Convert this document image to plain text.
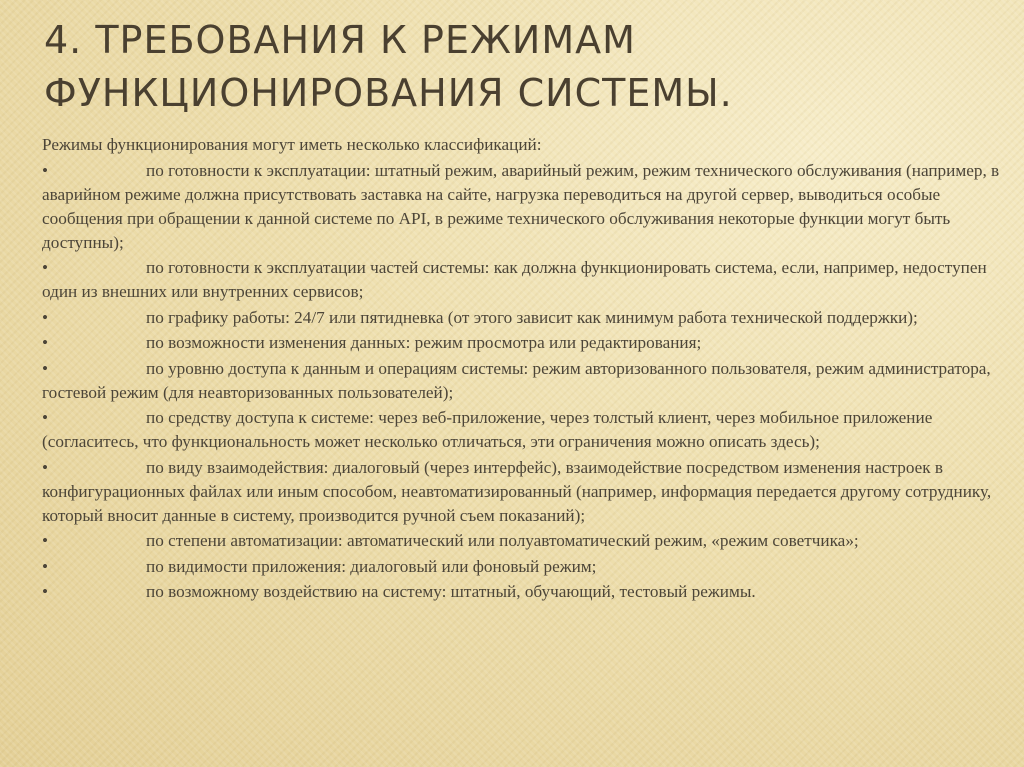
4. ТРЕБОВАНИЯ К РЕЖИМАМ
ФУНКЦИОНИРОВАНИЯ СИСТЕМЫ.

Режимы функционирования могут иметь несколько классификаций:

•	по готовности к эксплуатации: штатный режим, аварийный режим, режим технического обслуживания (например, в аварийном режиме должна присутствовать заставка на сайте, нагрузка переводиться на другой сервер, выводиться особые сообщения при обращении к данной системе по API, в режиме технического обслуживания некоторые функции могут быть доступны);
•	по готовности к эксплуатации частей системы: как должна функционировать система, если, например, недоступен один из внешних или внутренних сервисов;
•	по графику работы: 24/7 или пятидневка (от этого зависит как минимум работа технической поддержки);
•	по возможности изменения данных: режим просмотра или редактирования;
•	по уровню доступа к данным и операциям системы: режим авторизованного пользователя, режим администратора, гостевой режим (для неавторизованных пользователей);
•	по средству доступа к системе: через веб-приложение, через толстый клиент, через мобильное приложение (согласитесь, что функциональность может несколько отличаться, эти ограничения можно описать здесь);
•	по виду взаимодействия: диалоговый (через интерфейс), взаимодействие посредством изменения настроек в конфигурационных файлах или иным способом, неавтоматизированный (например, информация передается другому сотруднику, который вносит данные в систему, производится ручной съем показаний);
•	по степени автоматизации: автоматический или полуавтоматический режим, «режим советчика»;
•	по видимости приложения: диалоговый или фоновый режим;
•	по возможному воздействию на систему: штатный, обучающий, тестовый режимы.
